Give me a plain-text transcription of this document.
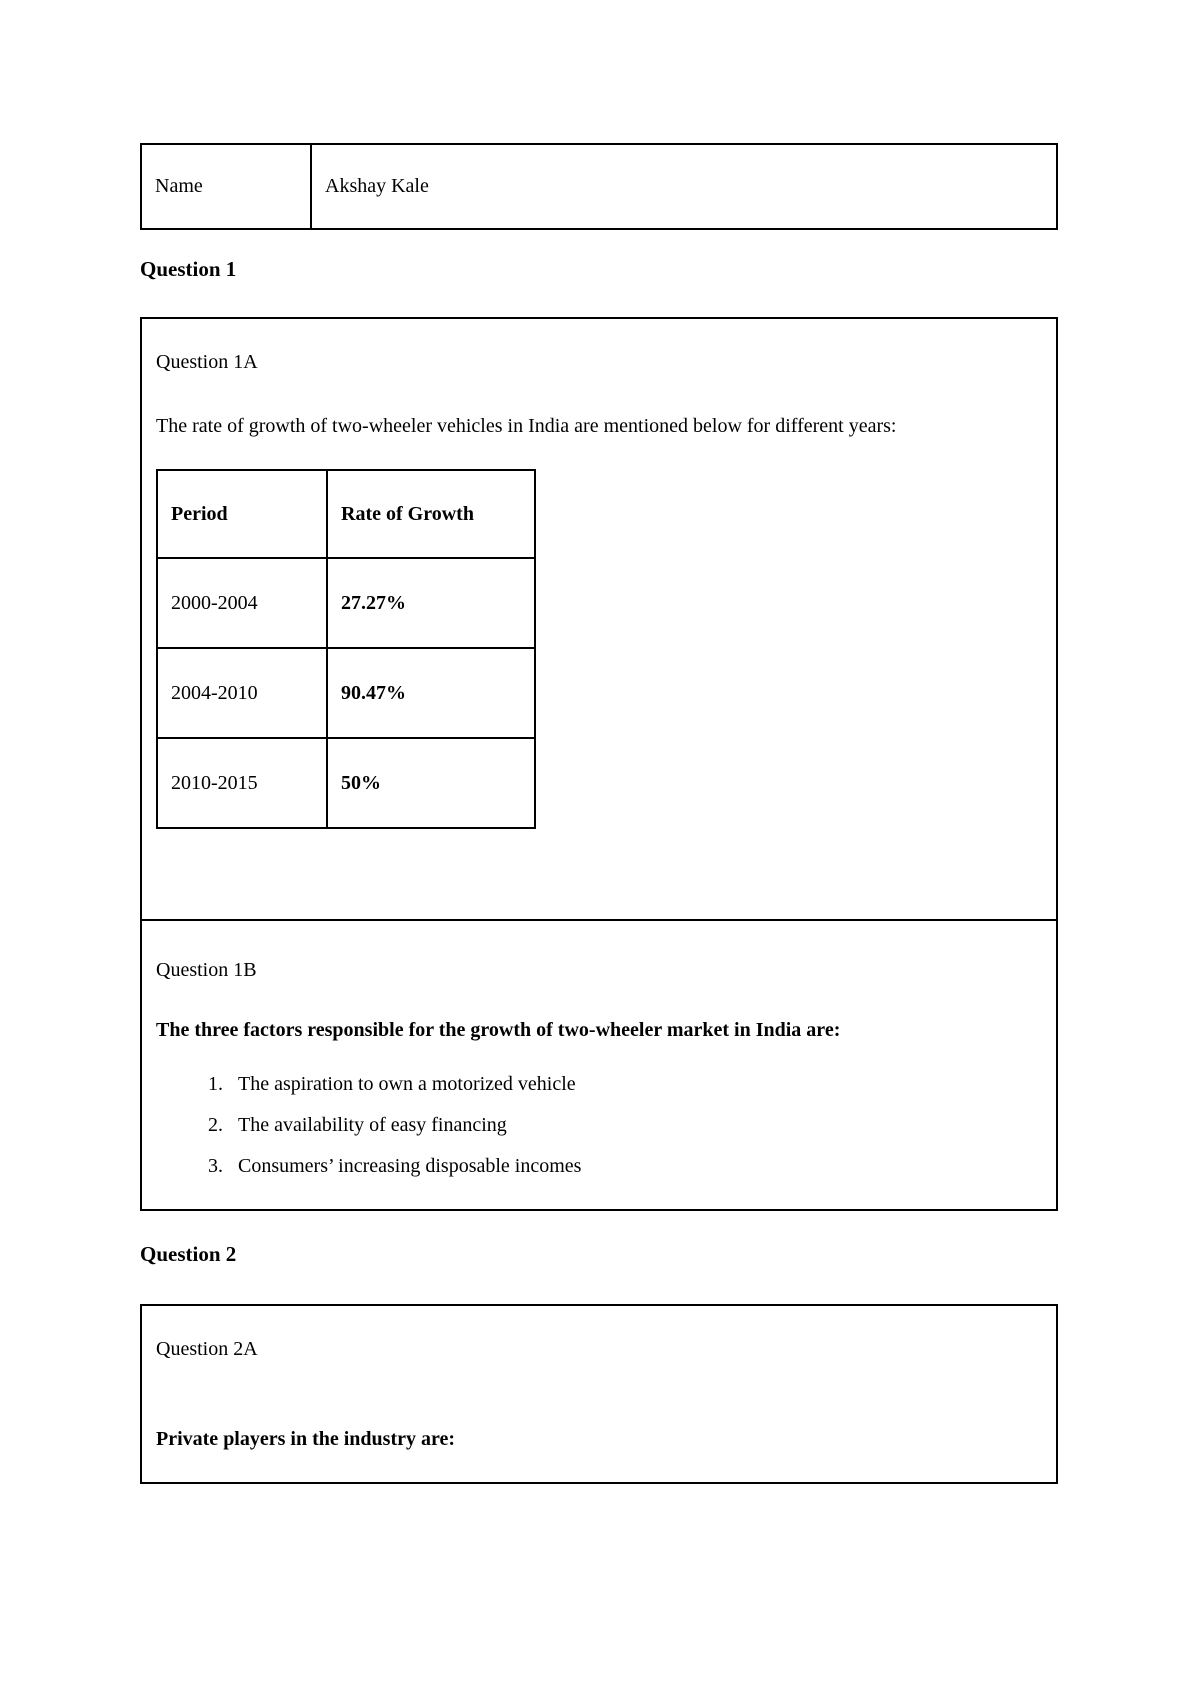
Name	Akshay Kale
Question 1

Question 1A

The rate of growth of two-wheeler vehicles in India are mentioned below for different years:

Period	Rate of Growth
2000-2004	27.27%
2004-2010	90.47%
2010-2015	50%

Question 1B

The three factors responsible for the growth of two-wheeler market in India are:

1. The aspiration to own a motorized vehicle
2. The availability of easy financing
3. Consumers’ increasing disposable incomes
Question 2

Question 2A

Private players in the industry are:
